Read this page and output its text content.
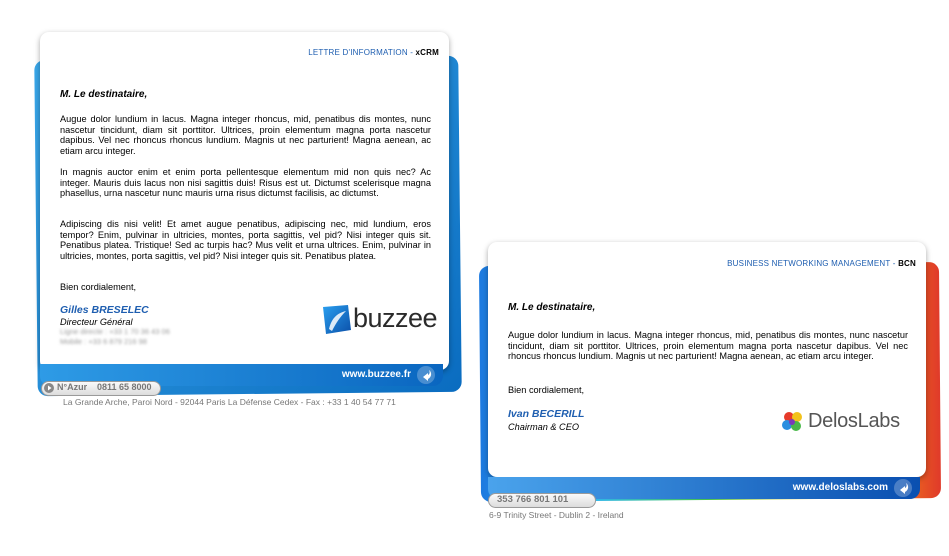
LETTRE D'INFORMATION - xCRM
M. Le destinataire,

Augue dolor lundium in lacus. Magna integer rhoncus, mid, penatibus dis montes, nunc nascetur tincidunt, diam sit porttitor. Ultrices, proin elementum magna porta nascetur dapibus. Vel nec rhoncus rhoncus lundium. Magnis ut nec parturient! Magna aenean, ac etiam arcu integer.

In magnis auctor enim et enim porta pellentesque elementum mid non quis nec? Ac integer. Mauris duis lacus non nisi sagittis duis! Risus est ut. Dictumst scelerisque magna phasellus, urna nascetur nunc mauris urna risus dictumst facilisis, ac dictumst.

Adipiscing dis nisi velit! Et amet augue penatibus, adipiscing nec, mid lundium, eros tempor? Enim, pulvinar in ultricies, montes, porta sagittis, vel pid? Nisi integer quis sit. Penatibus platea. Tristique! Sed ac turpis hac? Mus velit et urna ultrices. Enim, pulvinar in ultricies, montes, porta sagittis, vel pid? Nisi integer quis sit. Penatibus platea.

Bien cordialement,
Gilles BRESELEC
Directeur Général
Ligne directe : +33 1 70 36 43 06
Mobile : +33 6 879 216 98
buzzee
www.buzzee.fr
N°Azur 0811 65 8000
La Grande Arche, Paroi Nord - 92044 Paris La Défense Cedex - Fax : +33 1 40 54 77 71
BUSINESS NETWORKING MANAGEMENT - BCN
M. Le destinataire,

Augue dolor lundium in lacus. Magna integer rhoncus, mid, penatibus dis montes, nunc nascetur tincidunt, diam sit porttitor. Ultrices, proin elementum magna porta nascetur dapibus. Vel nec rhoncus rhoncus lundium. Magnis ut nec parturient! Magna aenean, ac etiam arcu integer.

Bien cordialement,
Ivan BECERILL
Chairman & CEO	DelosLabs
www.deloslabs.com
353 766 801 101
6-9 Trinity Street - Dublin 2 - Ireland
